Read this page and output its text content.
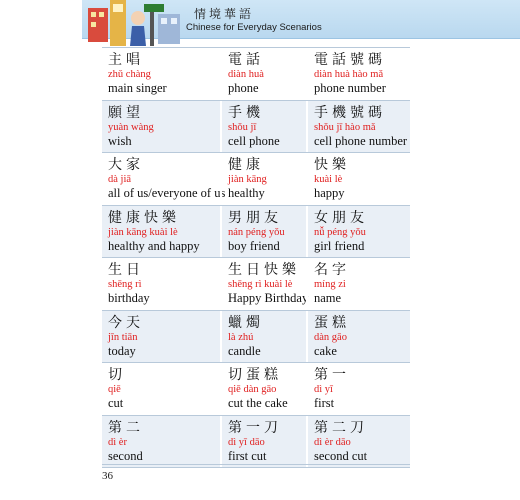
情境華語
Chinese for Everyday Scenarios
主唱
zhǔ chàng
main singer
電話
diàn huà
phone
電話號碼
diàn huà hào mǎ
phone number
願望
yuàn wàng
wish
手機
shǒu jī
cell phone
手機號碼
shǒu jī hào mǎ
cell phone number
大家
dà jiā
all of us/everyone of us
健康
jiàn kāng
healthy
快樂
kuài lè
happy
健康快樂
jiàn kāng kuài lè
healthy and happy
男朋友
nán péng yǒu
boy friend
女朋友
nǚ péng yǒu
girl friend
生日
shēng rì
birthday
生日快樂
shēng rì kuài lè
Happy Birthday
名字
míng zi
name
今天
jīn tiān
today
蠟燭
là zhú
candle
蛋糕
dàn gāo
cake
切
qiē
cut
切蛋糕
qiē dàn gāo
cut the cake
第一
dì yī
first
第二
dì èr
second
第一刀
dì yī dāo
first cut
第二刀
dì èr dāo
second cut
36
